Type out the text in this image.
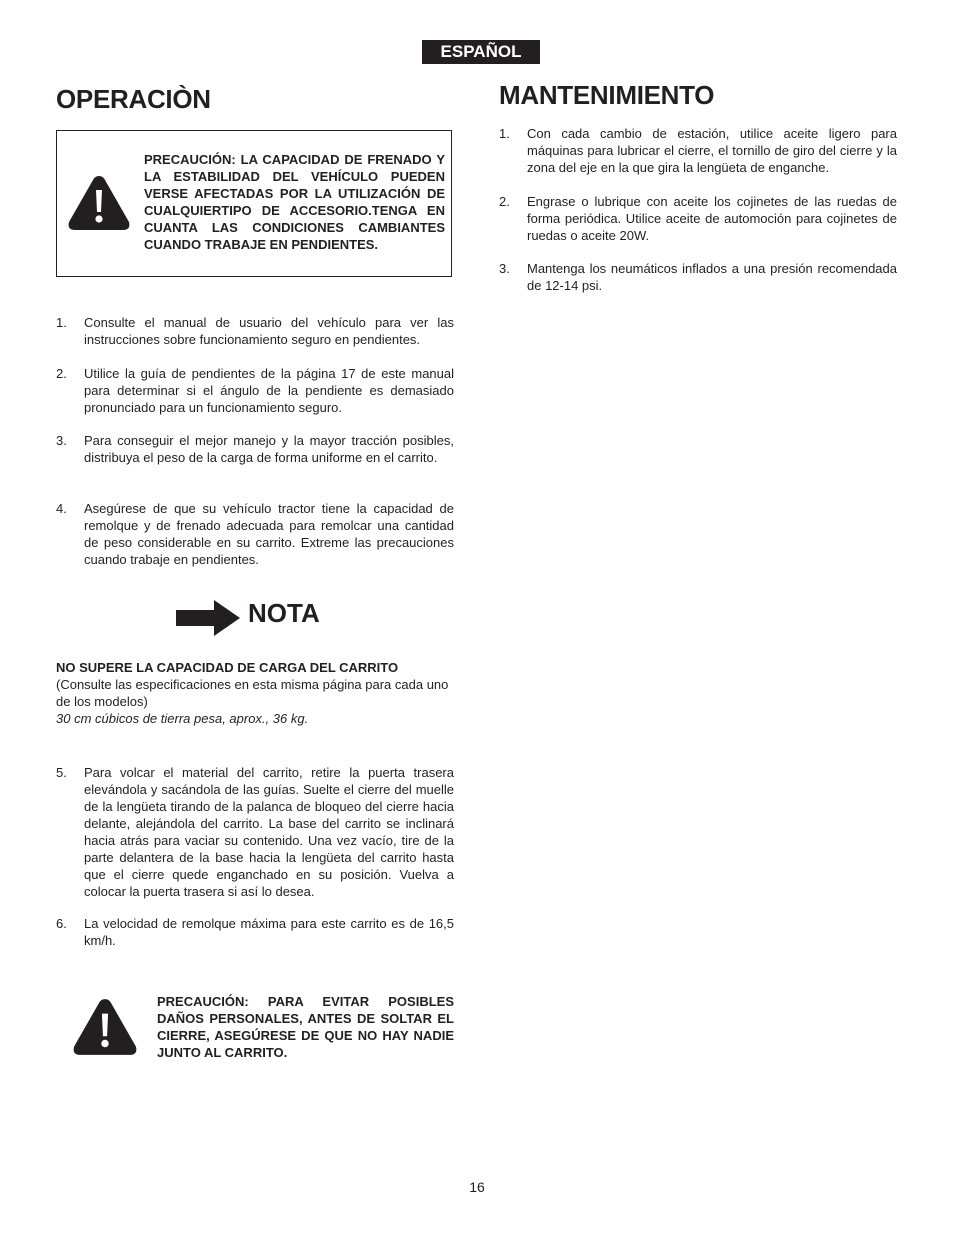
ESPAÑOL
OPERACIÒN

PRECAUCIÓN: LA CAPACIDAD DE FRENADO Y LA ESTABILIDAD DEL VEHÍCULO PUEDEN VERSE AFECTADAS POR LA UTILIZACIÓN DE CUALQUIERTIPO DE ACCESORIO.TENGA EN CUANTA LAS CONDICIONES CAMBIANTES CUANDO TRABAJE EN PENDIENTES.

1. Consulte el manual de usuario del vehículo para ver las instrucciones sobre funcionamiento seguro en pendientes.
2. Utilice la guía de pendientes de la página 17 de este manual para determinar si el ángulo de la pendiente es demasiado pronunciado para un funcionamiento seguro.
3. Para conseguir el mejor manejo y la mayor tracción posibles, distribuya el peso de la carga de forma uniforme en el carrito.
4. Asegúrese de que su vehículo tractor tiene la capacidad de remolque y de frenado adecuada para remolcar una cantidad de peso considerable en su carrito. Extreme las precauciones cuando trabaje en pendientes.
NOTA
NO SUPERE LA CAPACIDAD DE CARGA DEL CARRITO
(Consulte las especificaciones en esta misma página para cada uno de los modelos)
30 cm cúbicos de tierra pesa, aprox., 36 kg.
5. Para volcar el material del carrito, retire la puerta trasera elevándola y sacándola de las guías. Suelte el cierre del muelle de la lengüeta tirando de la palanca de bloqueo del cierre hacia delante, alejándola del carrito. La base del carrito se inclinará hacia atrás para vaciar su contenido. Una vez vacío, tire de la parte delantera de la base hacia la lengüeta del carrito hasta que el cierre quede enganchado en su posición. Vuelva a colocar la puerta trasera si así lo desea.
6. La velocidad de remolque máxima para este carrito es de 16,5 km/h.

PRECAUCIÓN: PARA EVITAR POSIBLES DAÑOS PERSONALES, ANTES DE SOLTAR EL CIERRE, ASEGÚRESE DE QUE NO HAY NADIE JUNTO AL CARRITO.

MANTENIMIENTO
1. Con cada cambio de estación, utilice aceite ligero para máquinas para lubricar el cierre, el tornillo de giro del cierre y la zona del eje en la que gira la lengüeta de enganche.
2. Engrase o lubrique con aceite los cojinetes de las ruedas de forma periódica. Utilice aceite de automoción para cojinetes de ruedas o aceite 20W.
3. Mantenga los neumáticos inflados a una presión recomendada de 12-14 psi.
16
